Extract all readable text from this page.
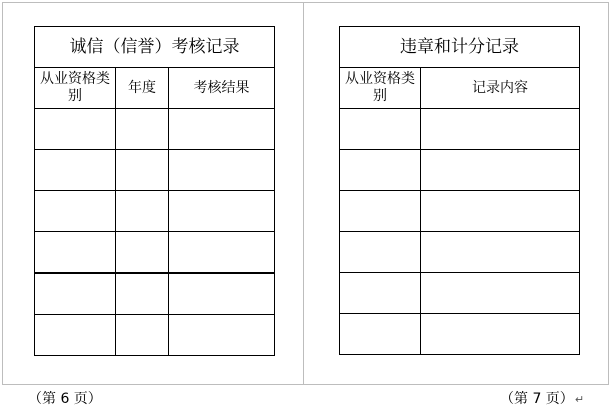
诚信（信誉）考核记录		
从业资格类别	年度	考核结果

违章和计分记录	
从业资格类别	记录内容

（第 6 页）	（第 7 页）↵
